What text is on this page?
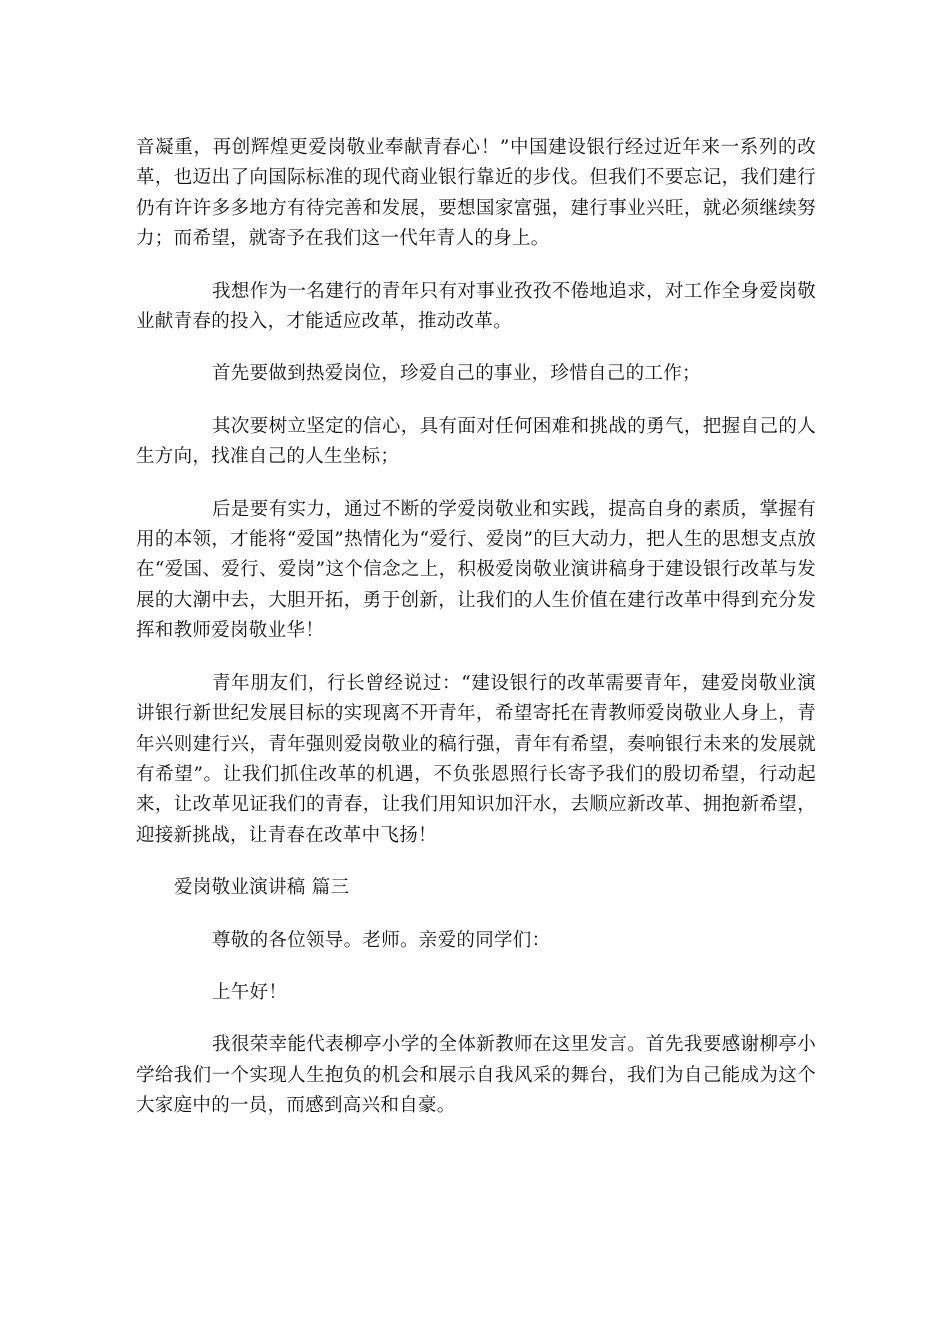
音凝重，再创辉煌更爱岗敬业奉献青春心！”中国建设银行经过近年来一系列的改革，也迈出了向国际标准的现代商业银行靠近的步伐。但我们不要忘记，我们建行仍有许许多多地方有待完善和发展，要想国家富强，建行事业兴旺，就必须继续努力；而希望，就寄予在我们这一代年青人的身上。

我想作为一名建行的青年只有对事业孜孜不倦地追求，对工作全身爱岗敬业献青春的投入，才能适应改革，推动改革。

首先要做到热爱岗位，珍爱自己的事业，珍惜自己的工作；

其次要树立坚定的信心，具有面对任何困难和挑战的勇气，把握自己的人生方向，找准自己的人生坐标；

后是要有实力，通过不断的学爱岗敬业和实践，提高自身的素质，掌握有用的本领，才能将“爱国”热情化为“爱行、爱岗”的巨大动力，把人生的思想支点放在“爱国、爱行、爱岗”这个信念之上，积极爱岗敬业演讲稿身于建设银行改革与发展的大潮中去，大胆开拓，勇于创新，让我们的人生价值在建行改革中得到充分发挥和教师爱岗敬业华！

青年朋友们，行长曾经说过：“建设银行的改革需要青年，建爱岗敬业演讲银行新世纪发展目标的实现离不开青年，希望寄托在青教师爱岗敬业人身上，青年兴则建行兴，青年强则爱岗敬业的稿行强，青年有希望，奏响银行未来的发展就有希望”。让我们抓住改革的机遇，不负张恩照行长寄予我们的殷切希望，行动起来，让改革见证我们的青春，让我们用知识加汗水，去顺应新改革、拥抱新希望，迎接新挑战，让青春在改革中飞扬！

爱岗敬业演讲稿 篇三

尊敬的各位领导。老师。亲爱的同学们：

上午好！

我很荣幸能代表柳亭小学的全体新教师在这里发言。首先我要感谢柳亭小学给我们一个实现人生抱负的机会和展示自我风采的舞台，我们为自己能成为这个大家庭中的一员，而感到高兴和自豪。
